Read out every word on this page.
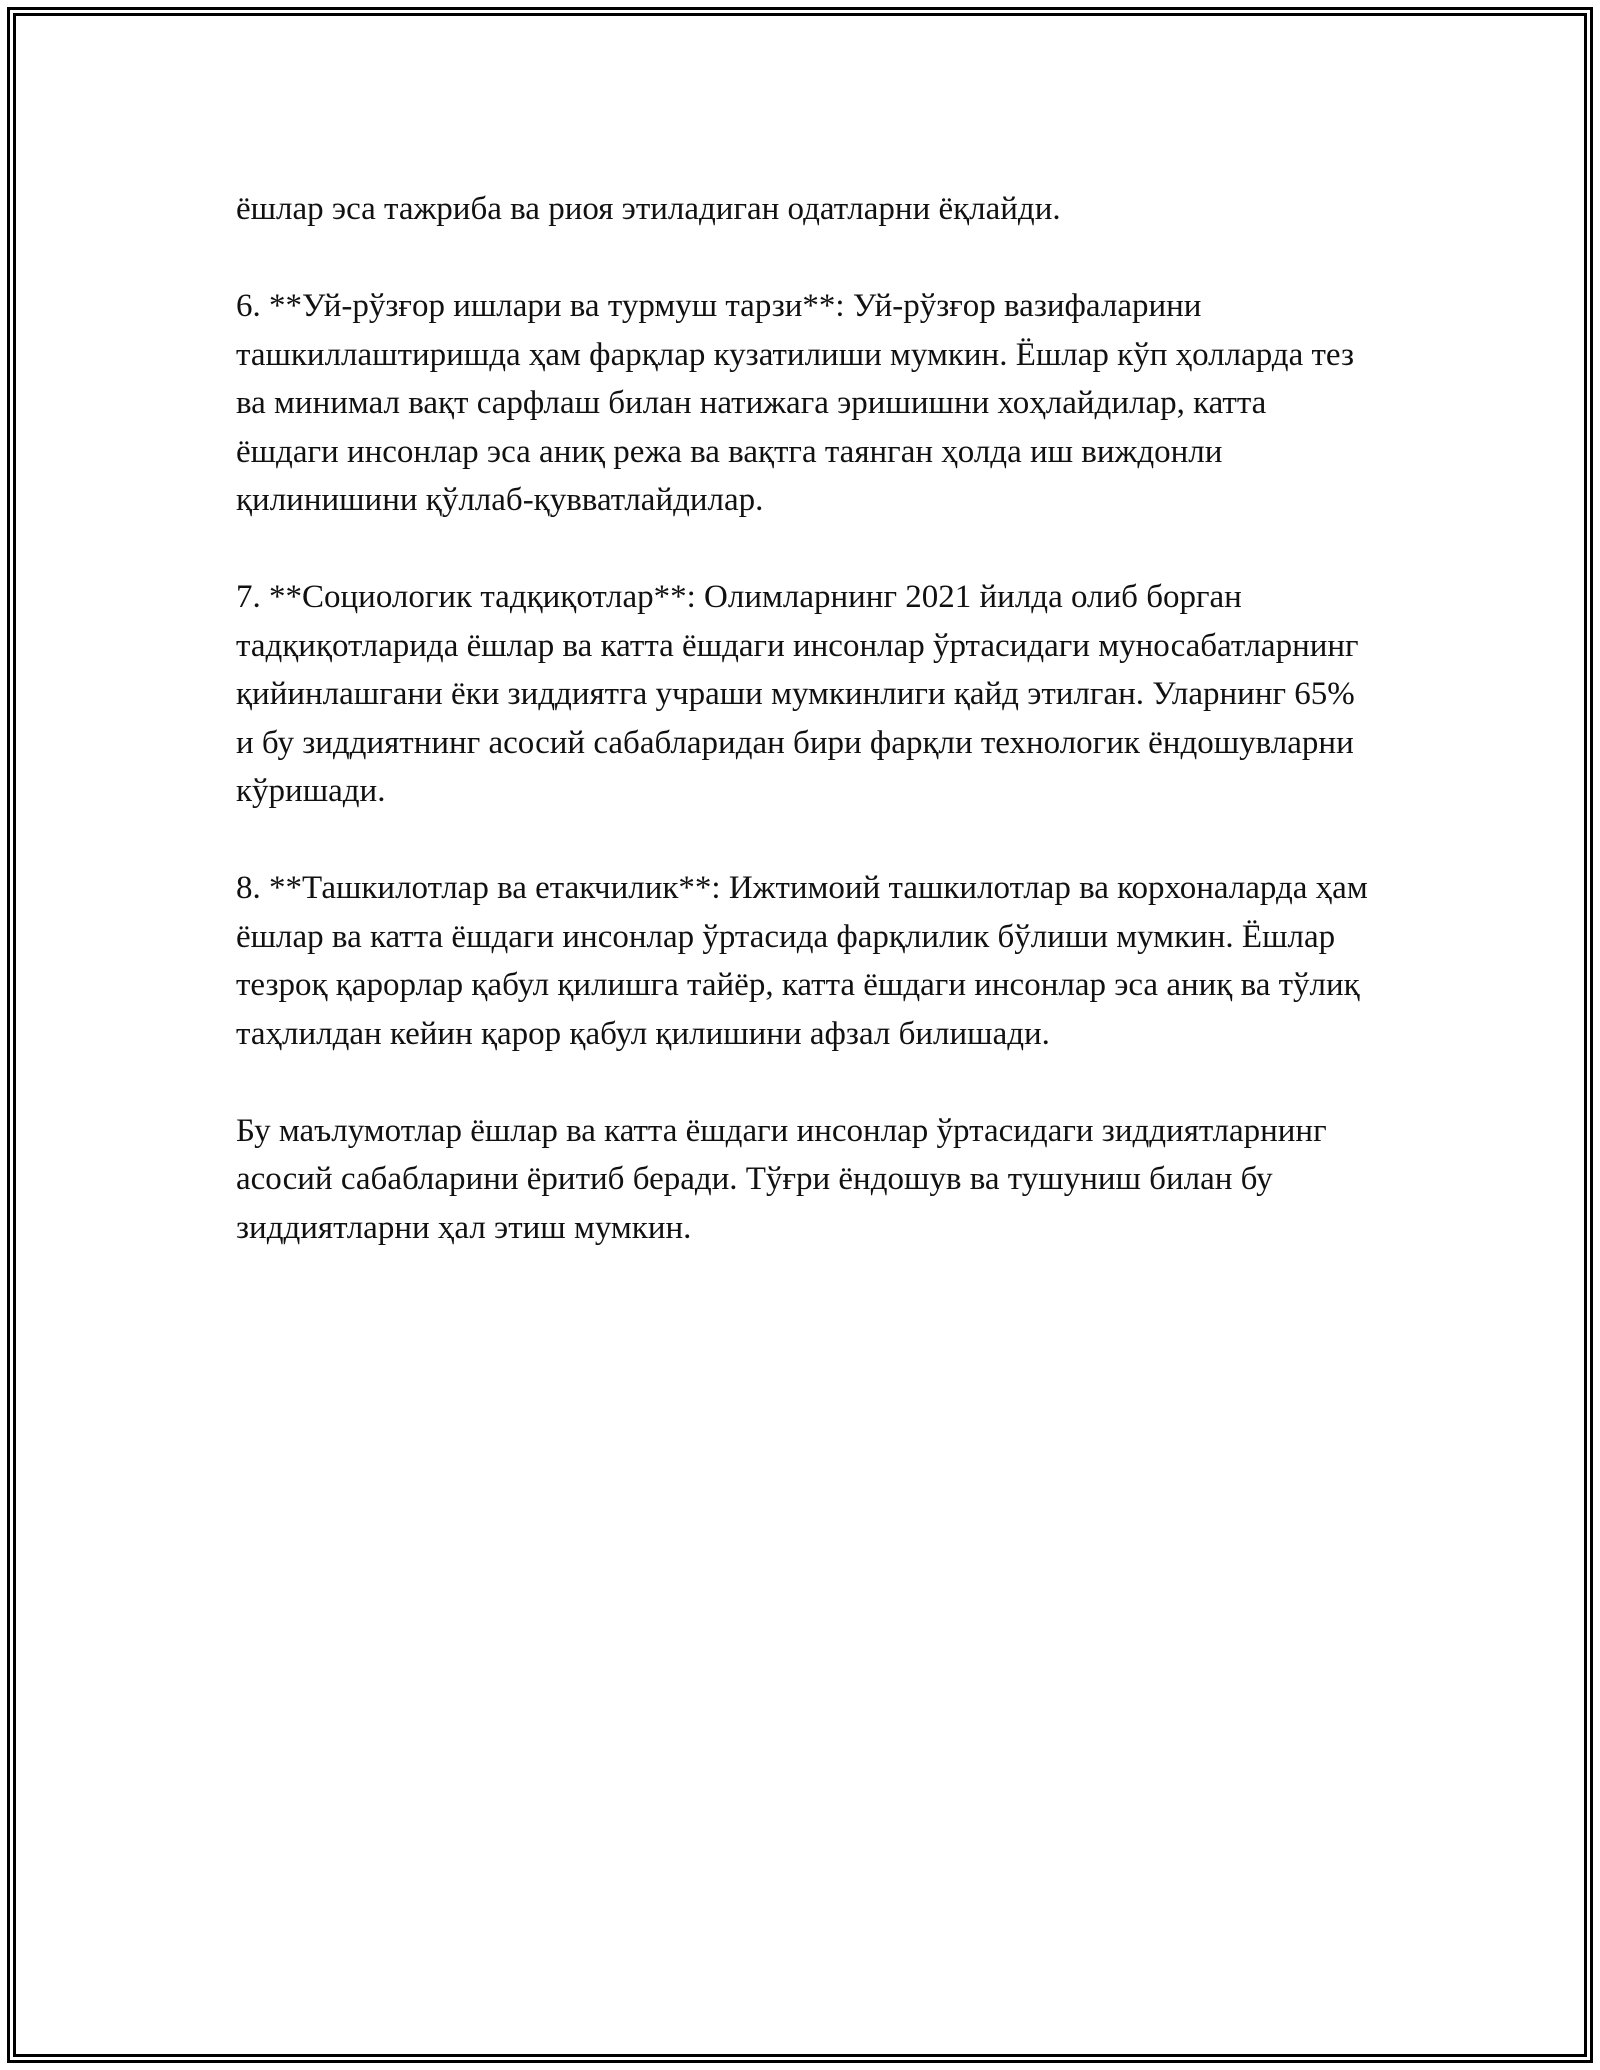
ёшлар эса тажриба ва риоя этиладиган одатларни ёқлайди.

6. **Уй-рўзғор ишлари ва турмуш тарзи**: Уй-рўзғор вазифаларини ташкиллаштиришда ҳам фарқлар кузатилиши мумкин. Ёшлар кўп ҳолларда тез ва минимал вақт сарфлаш билан натижага эришишни хоҳлайдилар, катта ёшдаги инсонлар эса аниқ режа ва вақтга таянган ҳолда иш виждонли қилинишини қўллаб-қувватлайдилар.

7. **Социологик тадқиқотлар**: Олимларнинг 2021 йилда олиб борган тадқиқотларида ёшлар ва катта ёшдаги инсонлар ўртасидаги муносабатларнинг қийинлашгани ёки зиддиятга учраши мумкинлиги қайд этилган. Уларнинг 65% и бу зиддиятнинг асосий сабабларидан бири фарқли технологик ёндошувларни кўришади.

8. **Ташкилотлар ва етакчилик**: Ижтимоий ташкилотлар ва корхоналарда ҳам ёшлар ва катта ёшдаги инсонлар ўртасида фарқлилик бўлиши мумкин. Ёшлар тезроқ қарорлар қабул қилишга тайёр, катта ёшдаги инсонлар эса аниқ ва тўлиқ таҳлилдан кейин қарор қабул қилишини афзал билишади.

Бу маълумотлар ёшлар ва катта ёшдаги инсонлар ўртасидаги зиддиятларнинг асосий сабабларини ёритиб беради. Тўғри ёндошув ва тушуниш билан бу зиддиятларни ҳал этиш мумкин.
